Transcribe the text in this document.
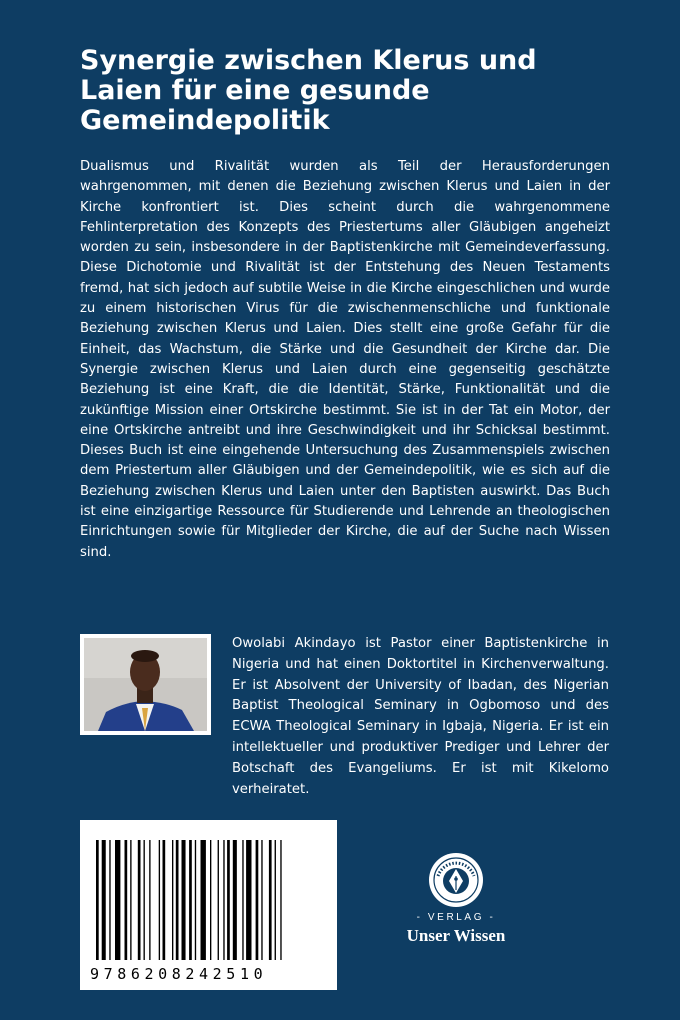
Synergie zwischen Klerus und Laien für eine gesunde Gemeindepolitik

Dualismus und Rivalität wurden als Teil der Herausforderungen wahrgenommen, mit denen die Beziehung zwischen Klerus und Laien in der Kirche konfrontiert ist. Dies scheint durch die wahrgenommene Fehlinterpretation des Konzepts des Priestertums aller Gläubigen angeheizt worden zu sein, insbesondere in der Baptistenkirche mit Gemeindeverfassung. Diese Dichotomie und Rivalität ist der Entstehung des Neuen Testaments fremd, hat sich jedoch auf subtile Weise in die Kirche eingeschlichen und wurde zu einem historischen Virus für die zwischenmenschliche und funktionale Beziehung zwischen Klerus und Laien. Dies stellt eine große Gefahr für die Einheit, das Wachstum, die Stärke und die Gesundheit der Kirche dar. Die Synergie zwischen Klerus und Laien durch eine gegenseitig geschätzte Beziehung ist eine Kraft, die die Identität, Stärke, Funktionalität und die zukünftige Mission einer Ortskirche bestimmt. Sie ist in der Tat ein Motor, der eine Ortskirche antreibt und ihre Geschwindigkeit und ihr Schicksal bestimmt. Dieses Buch ist eine eingehende Untersuchung des Zusammenspiels zwischen dem Priestertum aller Gläubigen und der Gemeindepolitik, wie es sich auf die Beziehung zwischen Klerus und Laien unter den Baptisten auswirkt. Das Buch ist eine einzigartige Ressource für Studierende und Lehrende an theologischen Einrichtungen sowie für Mitglieder der Kirche, die auf der Suche nach Wissen sind.

Owolabi Akindayo ist Pastor einer Baptistenkirche in Nigeria und hat einen Doktortitel in Kirchenverwaltung. Er ist Absolvent der University of Ibadan, des Nigerian Baptist Theological Seminary in Ogbomoso und des ECWA Theological Seminary in Igbaja, Nigeria. Er ist ein intellektueller und produktiver Prediger und Lehrer der Botschaft des Evangeliums. Er ist mit Kikelomo verheiratet.

9786208242510
- VERLAG -
Unser Wissen
